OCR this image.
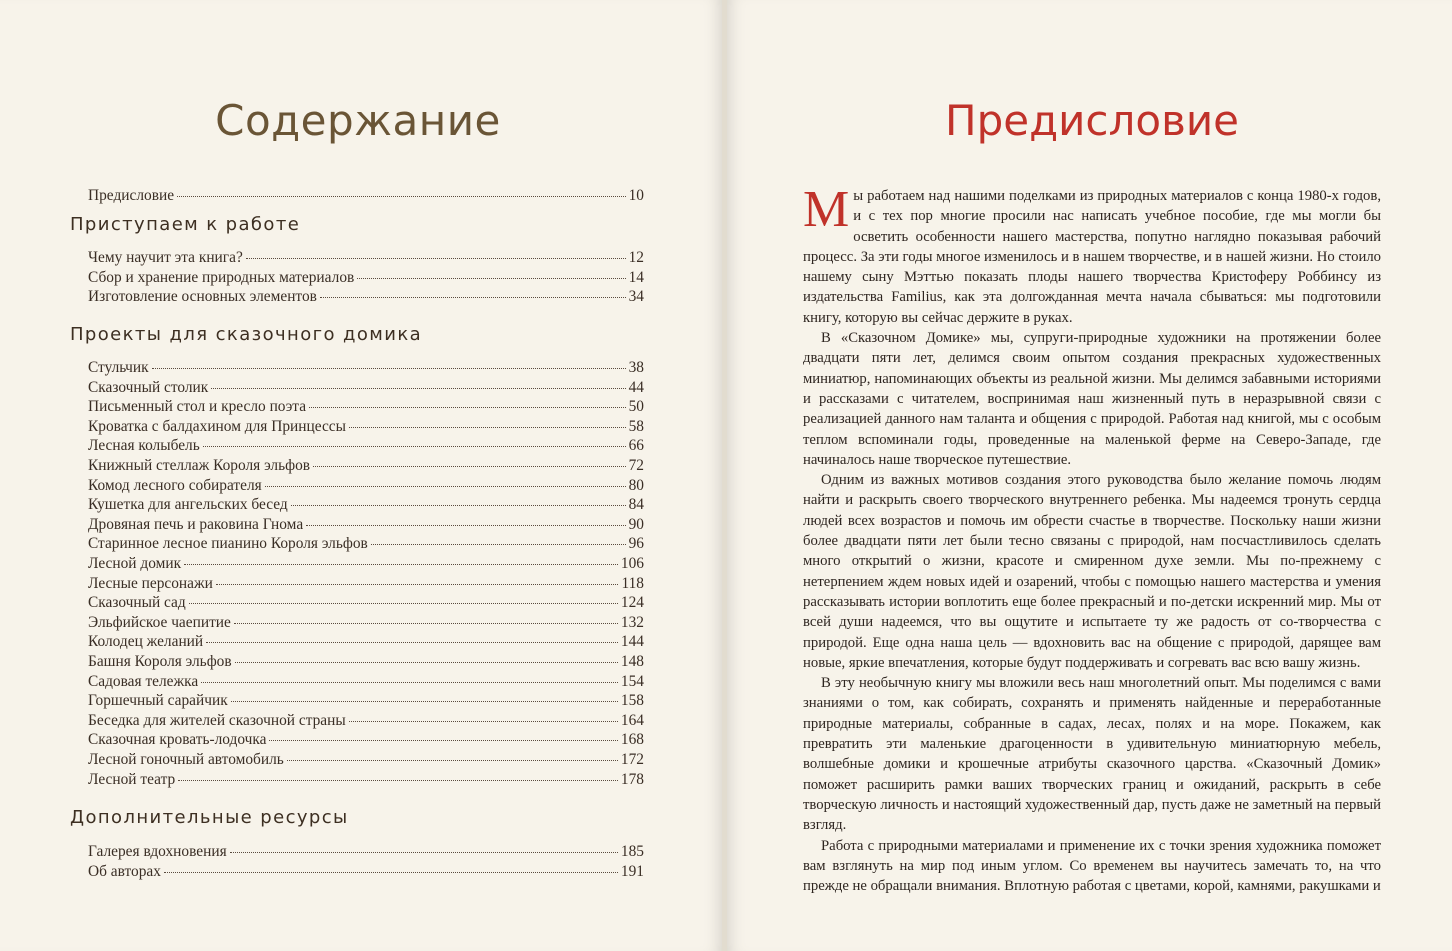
Содержание
Предисловие	10
Приступаем к работе
Чему научит эта книга?	12
Сбор и хранение природных материалов	14
Изготовление основных элементов	34
Проекты для сказочного домика
Стульчик	38
Сказочный столик	44
Письменный стол и кресло поэта	50
Кроватка с балдахином для Принцессы	58
Лесная колыбель	66
Книжный стеллаж Короля эльфов	72
Комод лесного собирателя	80
Кушетка для ангельских бесед	84
Дровяная печь и раковина Гнома	90
Старинное лесное пианино Короля эльфов	96
Лесной домик	106
Лесные персонажи	118
Сказочный сад	124
Эльфийское чаепитие	132
Колодец желаний	144
Башня Короля эльфов	148
Садовая тележка	154
Горшечный сарайчик	158
Беседка для жителей сказочной страны	164
Сказочная кровать-лодочка	168
Лесной гоночный автомобиль	172
Лесной театр	178
Дополнительные ресурсы
Галерея вдохновения	185
Об авторах	191
Предисловие

Мы работаем над нашими поделками из природных материалов с конца 1980-х годов, и с тех пор многие просили нас написать учебное пособие, где мы могли бы осветить особенности нашего мастерства, попутно наглядно показывая рабочий процесс. За эти годы многое изменилось и в нашем творчестве, и в нашей жизни. Но стоило нашему сыну Мэттью показать плоды нашего творчества Кристоферу Роббинсу из издательства Familius, как эта долгожданная мечта начала сбываться: мы подготовили книгу, которую вы сейчас держите в руках.

В «Сказочном Домике» мы, супруги-природные художники на протяжении более двадцати пяти лет, делимся своим опытом создания прекрасных художественных миниатюр, напоминающих объекты из реальной жизни. Мы делимся забавными историями и рассказами с читателем, воспринимая наш жизненный путь в неразрывной связи с реализацией данного нам таланта и общения с природой. Работая над книгой, мы с особым теплом вспоминали годы, проведенные на маленькой ферме на Северо-Западе, где начиналось наше творческое путешествие.

Одним из важных мотивов создания этого руководства было желание помочь людям найти и раскрыть своего творческого внутреннего ребенка. Мы надеемся тронуть сердца людей всех возрастов и помочь им обрести счастье в творчестве. Поскольку наши жизни более двадцати пяти лет были тесно связаны с природой, нам посчастливилось сделать много открытий о жизни, красоте и смиренном духе земли. Мы по-прежнему с нетерпением ждем новых идей и озарений, чтобы с помощью нашего мастерства и умения рассказывать истории воплотить еще более прекрасный и по-детски искренний мир. Мы от всей души надеемся, что вы ощутите и испытаете ту же радость от со-творчества с природой. Еще одна наша цель — вдохновить вас на общение с природой, дарящее вам новые, яркие впечатления, которые будут поддерживать и согревать вас всю вашу жизнь.

В эту необычную книгу мы вложили весь наш многолетний опыт. Мы поделимся с вами знаниями о том, как собирать, сохранять и применять найденные и переработанные природные материалы, собранные в садах, лесах, полях и на море. Покажем, как превратить эти маленькие драгоценности в удивительную миниатюрную мебель, волшебные домики и крошечные атрибуты сказочного царства. «Сказочный Домик» поможет расширить рамки ваших творческих границ и ожиданий, раскрыть в себе творческую личность и настоящий художественный дар, пусть даже не заметный на первый взгляд.

Работа с природными материалами и применение их с точки зрения художника поможет вам взглянуть на мир под иным углом. Со временем вы научитесь замечать то, на что прежде не обращали внимания. Вплотную работая с цветами, корой, камнями, ракушками и
